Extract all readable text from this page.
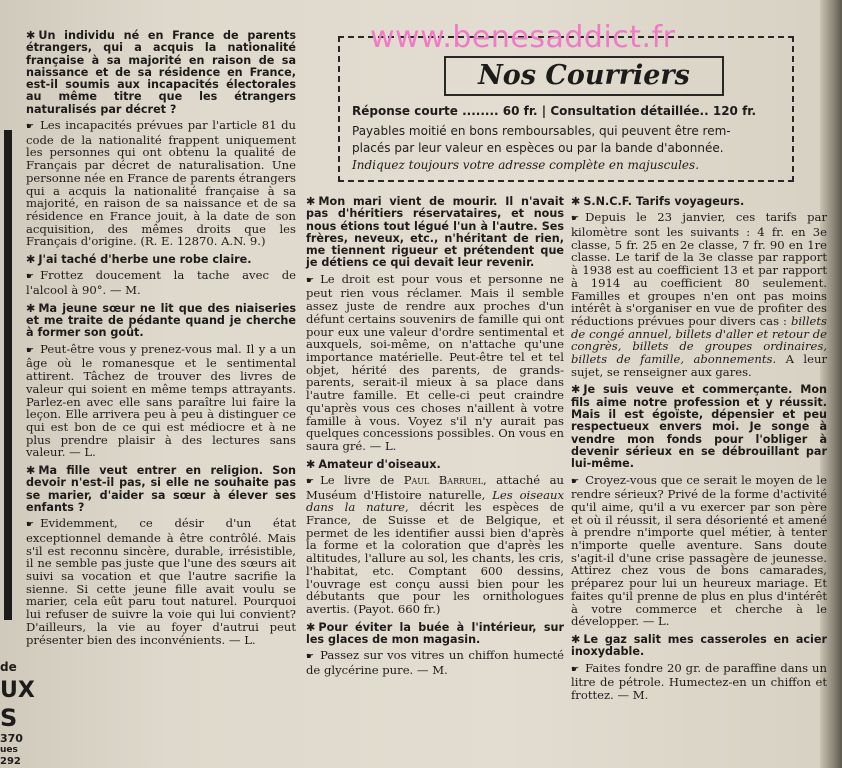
de
UX
S
370
ues
292

✱ Un individu né en France de parents étrangers, qui a acquis la nationalité française à sa majorité en raison de sa naissance et de sa résidence en France, est-il soumis aux incapacités électorales au même titre que les étrangers naturalisés par décret ?

☛ Les incapacités prévues par l'article 81 du code de la nationalité frappent uniquement les personnes qui ont obtenu la qualité de Français par décret de naturalisation. Une personne née en France de parents étrangers qui a acquis la nationalité française à sa majorité, en raison de sa naissance et de sa résidence en France jouit, à la date de son acquisition, des mêmes droits que les Français d'origine. (R. E. 12870. A.N. 9.)

✱ J'ai taché d'herbe une robe claire.

☛ Frottez doucement la tache avec de l'alcool à 90°. — M.

✱ Ma jeune sœur ne lit que des niaiseries et me traite de pédante quand je cherche à former son goût.

☛ Peut-être vous y prenez-vous mal. Il y a un âge où le romanesque et le sentimental attirent. Tâchez de trouver des livres de valeur qui soient en même temps attrayants. Parlez-en avec elle sans paraître lui faire la leçon. Elle arrivera peu à peu à distinguer ce qui est bon de ce qui est médiocre et à ne plus prendre plaisir à des lectures sans valeur. — L.

✱ Ma fille veut entrer en religion. Son devoir n'est-il pas, si elle ne souhaite pas se marier, d'aider sa sœur à élever ses enfants ?

☛ Evidemment, ce désir d'un état exceptionnel demande à être contrôlé. Mais s'il est reconnu sincère, durable, irrésistible, il ne semble pas juste que l'une des sœurs ait suivi sa vocation et que l'autre sacrifie la sienne. Si cette jeune fille avait voulu se marier, cela eût paru tout naturel. Pourquoi lui refuser de suivre la voie qui lui convient? D'ailleurs, la vie au foyer d'autrui peut présenter bien des inconvénients. — L.

Nos Courriers
Réponse courte ........ 60 fr. | Consultation détaillée.. 120 fr.
Payables moitié en bons remboursables, qui peuvent être rem-
placés par leur valeur en espèces ou par la bande d'abonnée.
Indiquez toujours votre adresse complète en majuscules.
www.benesaddict.fr

✱ Mon mari vient de mourir. Il n'avait pas d'héritiers réservataires, et nous nous étions tout légué l'un à l'autre. Ses frères, neveux, etc., n'héritant de rien, me tiennent rigueur et prétendent que je détiens ce qui devait leur revenir.

☛ Le droit est pour vous et personne ne peut rien vous réclamer. Mais il semble assez juste de rendre aux proches d'un défunt certains souvenirs de famille qui ont pour eux une valeur d'ordre sentimental et auxquels, soi-même, on n'attache qu'une importance matérielle. Peut-être tel et tel objet, hérité des parents, de grands-parents, serait-il mieux à sa place dans l'autre famille. Et celle-ci peut craindre qu'après vous ces choses n'aillent à votre famille à vous. Voyez s'il n'y aurait pas quelques concessions possibles. On vous en saura gré. — L.

✱ Amateur d'oiseaux.

☛ Le livre de Paul Barruel, attaché au Muséum d'Histoire naturelle, Les oiseaux dans la nature, décrit les espèces de France, de Suisse et de Belgique, et permet de les identifier aussi bien d'après la forme et la coloration que d'après les altitudes, l'allure au sol, les chants, les cris, l'habitat, etc. Comptant 600 dessins, l'ouvrage est conçu aussi bien pour les débutants que pour les ornithologues avertis. (Payot. 660 fr.)

✱ Pour éviter la buée à l'intérieur, sur les glaces de mon magasin.

☛ Passez sur vos vitres un chiffon humecté de glycérine pure. — M.

✱ S.N.C.F. Tarifs voyageurs.

☛ Depuis le 23 janvier, ces tarifs par kilomètre sont les suivants : 4 fr. en 3e classe, 5 fr. 25 en 2e classe, 7 fr. 90 en 1re classe. Le tarif de la 3e classe par rapport à 1938 est au coefficient 13 et par rapport à 1914 au coefficient 80 seulement. Familles et groupes n'en ont pas moins intérêt à s'organiser en vue de profiter des réductions prévues pour divers cas : billets de congé annuel, billets d'aller et retour de congrès, billets de groupes ordinaires, billets de famille, abonnements. A leur sujet, se renseigner aux gares.

✱ Je suis veuve et commerçante. Mon fils aime notre profession et y réussit. Mais il est égoïste, dépensier et peu respectueux envers moi. Je songe à vendre mon fonds pour l'obliger à devenir sérieux en se débrouillant par lui-même.

☛ Croyez-vous que ce serait le moyen de le rendre sérieux? Privé de la forme d'activité qu'il aime, qu'il a vu exercer par son père et où il réussit, il sera désorienté et amené à prendre n'importe quel métier, à tenter n'importe quelle aventure. Sans doute s'agit-il d'une crise passagère de jeunesse. Attirez chez vous de bons camarades, préparez pour lui un heureux mariage. Et faites qu'il prenne de plus en plus d'intérêt à votre commerce et cherche à le développer. — L.

✱ Le gaz salit mes casseroles en acier inoxydable.

☛ Faites fondre 20 gr. de paraffine dans un litre de pétrole. Humectez-en un chiffon et frottez. — M.
